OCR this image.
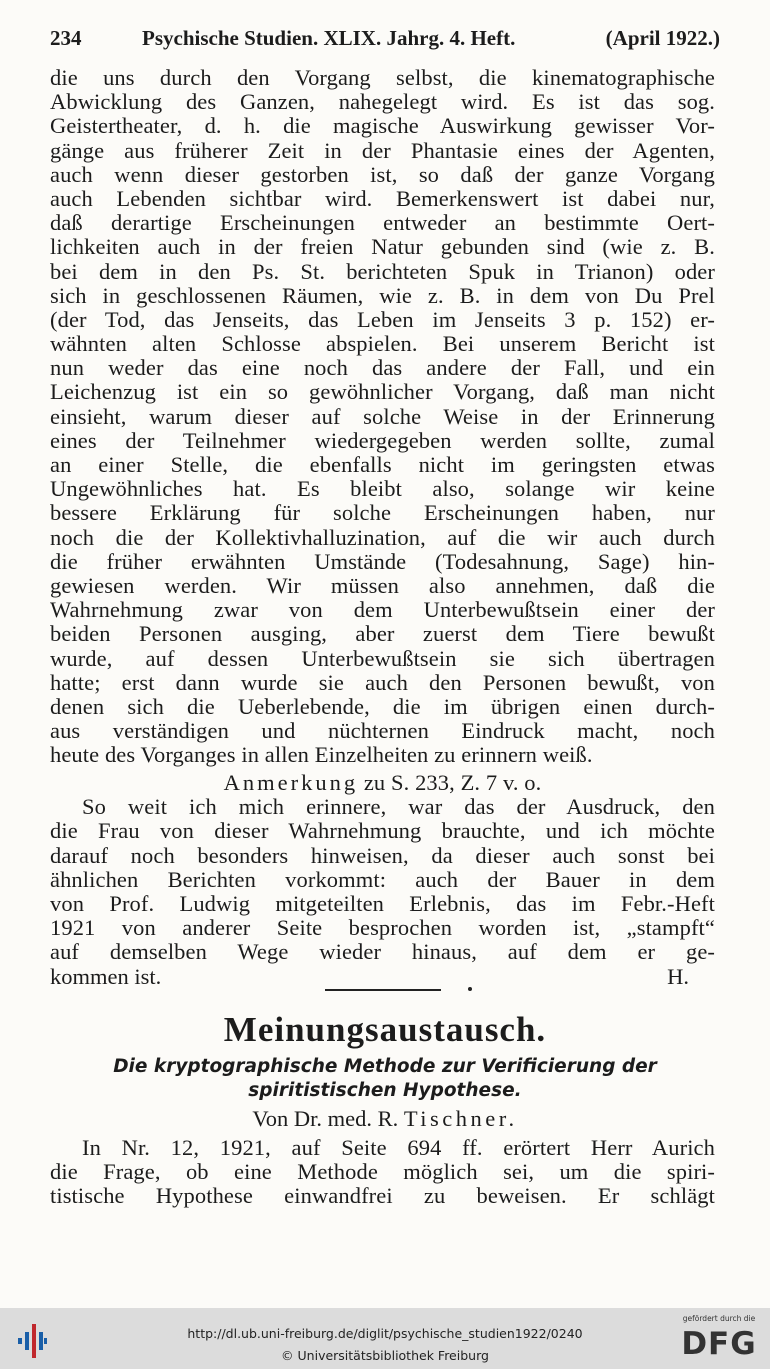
234	Psychische Studien. XLIX. Jahrg. 4. Heft.	(April 1922.)
die uns durch den Vorgang selbst, die kinematographische
Abwicklung des Ganzen, nahegelegt wird. Es ist das sog.
Geistertheater, d. h. die magische Auswirkung gewisser Vor-
gänge aus früherer Zeit in der Phantasie eines der Agenten,
auch wenn dieser gestorben ist, so daß der ganze Vorgang
auch Lebenden sichtbar wird. Bemerkenswert ist dabei nur,
daß derartige Erscheinungen entweder an bestimmte Oert-
lichkeiten auch in der freien Natur gebunden sind (wie z. B.
bei dem in den Ps. St. berichteten Spuk in Trianon) oder
sich in geschlossenen Räumen, wie z. B. in dem von Du Prel
(der Tod, das Jenseits, das Leben im Jenseits 3 p. 152) er-
wähnten alten Schlosse abspielen. Bei unserem Bericht ist
nun weder das eine noch das andere der Fall, und ein
Leichenzug ist ein so gewöhnlicher Vorgang, daß man nicht
einsieht, warum dieser auf solche Weise in der Erinnerung
eines der Teilnehmer wiedergegeben werden sollte, zumal
an einer Stelle, die ebenfalls nicht im geringsten etwas
Ungewöhnliches hat. Es bleibt also, solange wir keine
bessere Erklärung für solche Erscheinungen haben, nur
noch die der Kollektivhalluzination, auf die wir auch durch
die früher erwähnten Umstände (Todesahnung, Sage) hin-
gewiesen werden. Wir müssen also annehmen, daß die
Wahrnehmung zwar von dem Unterbewußtsein einer der
beiden Personen ausging, aber zuerst dem Tiere bewußt
wurde, auf dessen Unterbewußtsein sie sich übertragen
hatte; erst dann wurde sie auch den Personen bewußt, von
denen sich die Ueberlebende, die im übrigen einen durch-
aus verständigen und nüchternen Eindruck macht, noch
heute des Vorganges in allen Einzelheiten zu erinnern weiß.
Anmerkung zu S. 233, Z. 7 v. o.
So weit ich mich erinnere, war das der Ausdruck, den
die Frau von dieser Wahrnehmung brauchte, und ich möchte
darauf noch besonders hinweisen, da dieser auch sonst bei
ähnlichen Berichten vorkommt: auch der Bauer in dem
von Prof. Ludwig mitgeteilten Erlebnis, das im Febr.-Heft
1921 von anderer Seite besprochen worden ist, „stampft“
auf demselben Wege wieder hinaus, auf dem er ge-
kommen ist.	H.
Meinungsaustausch.
Die kryptographische Methode zur Verificierung der
spiritistischen Hypothese.
Von Dr. med. R. Tischner.
In Nr. 12, 1921, auf Seite 694 ff. erörtert Herr Aurich
die Frage, ob eine Methode möglich sei, um die spiri-
tistische Hypothese einwandfrei zu beweisen. Er schlägt
http://dl.ub.uni-freiburg.de/diglit/psychische_studien1922/0240
© Universitätsbibliothek Freiburg
gefördert durch die
DFG
